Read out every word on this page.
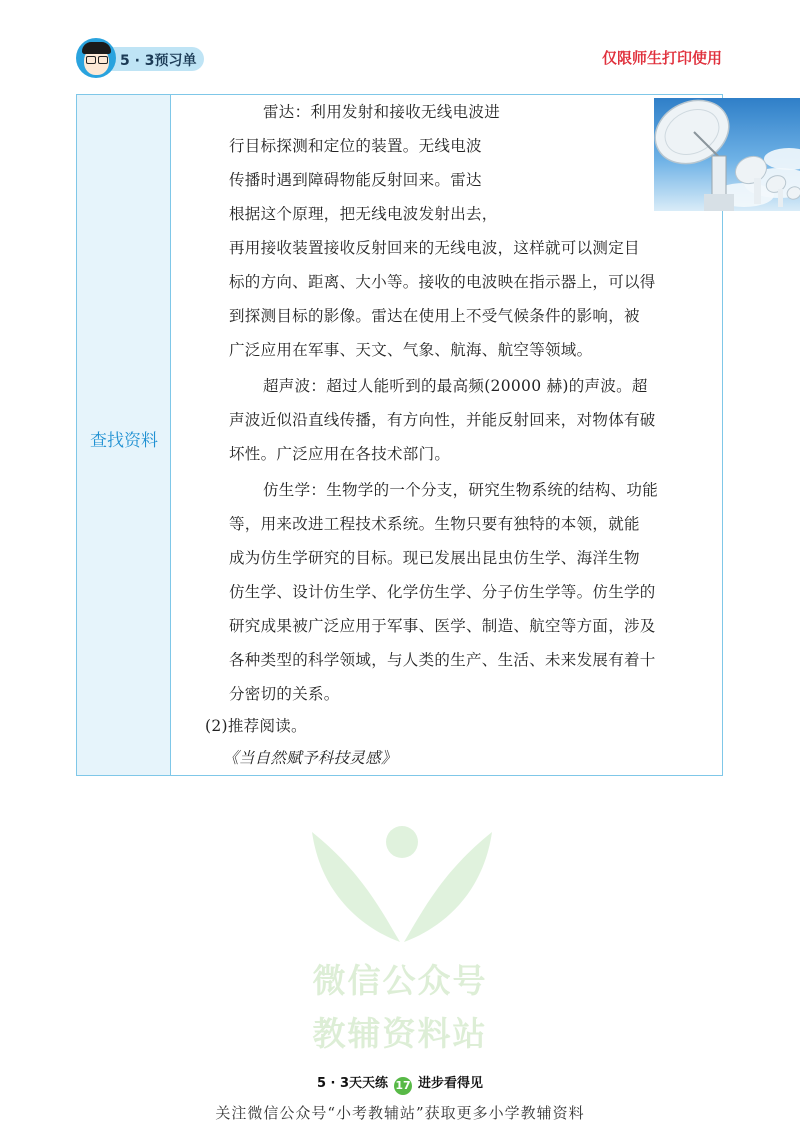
5 · 3预习单	仅限师生打印使用
查找资料
雷达：利用发射和接收无线电波进
行目标探测和定位的装置。无线电波
传播时遇到障碍物能反射回来。雷达
根据这个原理，把无线电波发射出去，
再用接收装置接收反射回来的无线电波，这样就可以测定目
标的方向、距离、大小等。接收的电波映在指示器上，可以得
到探测目标的影像。雷达在使用上不受气候条件的影响，被
广泛应用在军事、天文、气象、航海、航空等领域。
超声波：超过人能听到的最高频(20000 赫)的声波。超
声波近似沿直线传播，有方向性，并能反射回来，对物体有破
坏性。广泛应用在各技术部门。
仿生学：生物学的一个分支，研究生物系统的结构、功能
等，用来改进工程技术系统。生物只要有独特的本领，就能
成为仿生学研究的目标。现已发展出昆虫仿生学、海洋生物
仿生学、设计仿生学、化学仿生学、分子仿生学等。仿生学的
研究成果被广泛应用于军事、医学、制造、航空等方面，涉及
各种类型的科学领域，与人类的生产、生活、未来发展有着十
分密切的关系。
(2)推荐阅读。
《当自然赋予科技灵感》
微信公众号
教辅资料站
5 · 3天天练 17 进步看得见
关注微信公众号“小考教辅站”获取更多小学教辅资料
